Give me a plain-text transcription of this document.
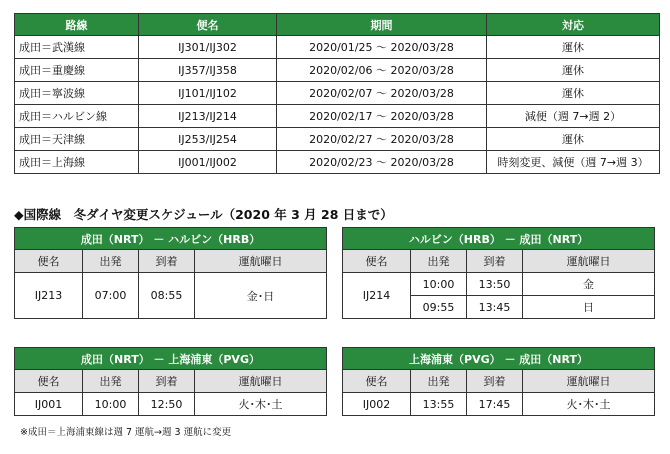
路線	便名	期間	対応
成田＝武漢線	IJ301/IJ302	2020/01/25 ～ 2020/03/28	運休
成田＝重慶線	IJ357/IJ358	2020/02/06 ～ 2020/03/28	運休
成田＝寧波線	IJ101/IJ102	2020/02/07 ～ 2020/03/28	運休
成田＝ハルビン線	IJ213/IJ214	2020/02/17 ～ 2020/03/28	減便（週 7→週 2）
成田＝天津線	IJ253/IJ254	2020/02/27 ～ 2020/03/28	運休
成田＝上海線	IJ001/IJ002	2020/02/23 ～ 2020/03/28	時刻変更、減便（週 7→週 3）
◆国際線　冬ダイヤ変更スケジュール（2020 年 3 月 28 日まで）
成田（NRT） － ハルビン（HRB）			
便名	出発	到着	運航曜日
IJ213	07:00	08:55	金･日
ハルビン（HRB） － 成田（NRT）			
便名	出発	到着	運航曜日
IJ214	10:00	13:50	金
	09:55	13:45	日
成田（NRT） － 上海浦東（PVG）			
便名	出発	到着	運航曜日
IJ001	10:00	12:50	火･木･土
上海浦東（PVG） － 成田（NRT）			
便名	出発	到着	運航曜日
IJ002	13:55	17:45	火･木･土
※成田＝上海浦東線は週 7 運航→週 3 運航に変更
